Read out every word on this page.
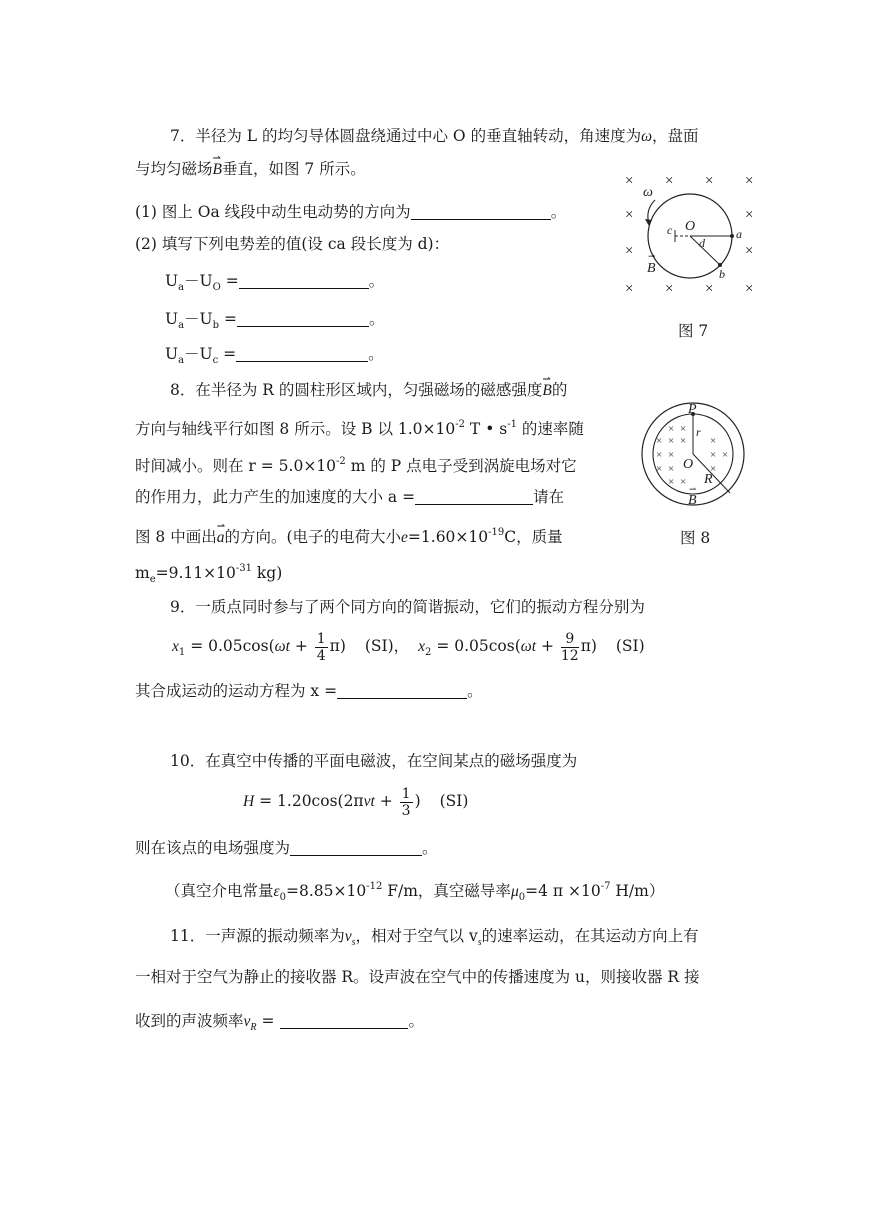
7．半径为 L 的均匀导体圆盘绕通过中心 O 的垂直轴转动，角速度为ω，盘面
与均匀磁场⇀ B垂直，如图 7 所示。
(1) 图上 Oa 线段中动生电动势的方向为	。
(2) 填写下列电势差的值(设 ca 段长度为 d)：
$U_a-U_O$ =	。
$U_a-U_b$ =	。
$U_a-U_c$ =	。
× × × ×
×	×
×	×
× × × ×
ω
O
c
d
a
b
B
⇀
图 7
8．在半径为 R 的圆柱形区域内，匀强磁场的磁感强度⇀ B的
方向与轴线平行如图 8 所示。设 B 以 $1.0\times 10^{-2}$ T • $s^{-1}$ 的速率随
时间减小。则在 $r = 5.0\times 10^{-2}$ m 的 P 点电子受到涡旋电场对它
的作用力，此力产生的加速度的大小 a =	请在
图 8 中画出⇀ a的方向。(电子的电荷大小$e=1.60\times 10^{-19}C$，质量
$m_e=9.11\times 10^{-31}$ kg)
× ×
× × × ×
× ×	× ×
× ×	×
× ×
P
r
O
R
B
⇀
图 8
9．一质点同时参与了两个同方向的简谐振动，它们的振动方程分别为
$x_1 = 0.05\cos(\omega t + \frac{1}{4} \pi)$ (SI)， $x_2 = 0.05\cos(\omega t + \frac{9}{12} \pi)$ (SI)
其合成运动的运动方程为 x =	。
10．在真空中传播的平面电磁波，在空间某点的磁场强度为
$H = 1.20\cos(2\pi\nu t + \frac{1}{3}$ ) (SI)
则在该点的电场强度为	。
（真空介电常量$\varepsilon_0=8.85\times 10^{-12}$ F/m，真空磁导率$\mu_0=4$ $\pi \times 10^{-7}$ H/m）
11．一声源的振动频率为$\nu_s$，相对于空气以 $v_s$的速率运动，在其运动方向上有
一相对于空气为静止的接收器 R。设声波在空气中的传播速度为 u，则接收器 R 接
收到的声波频率$\nu_R$ =	。
